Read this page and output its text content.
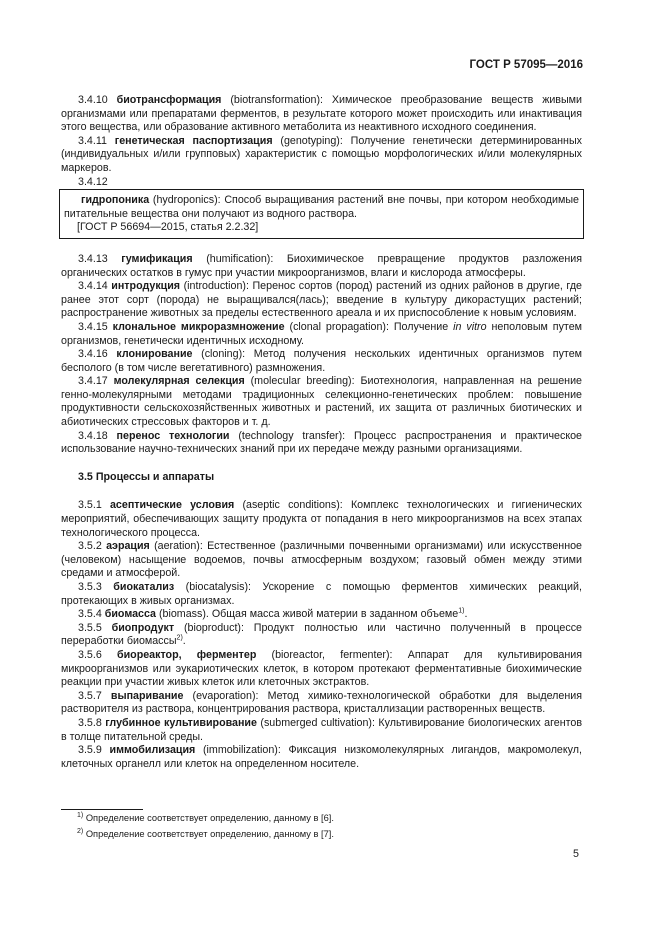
ГОСТ Р 57095—2016
3.4.10 биотрансформация (biotransformation): Химическое преобразование веществ живыми организмами или препаратами ферментов, в результате которого может происходить или инактивация этого вещества, или образование активного метаболита из неактивного исходного соединения.
3.4.11 генетическая паспортизация (genotyping): Получение генетически детерминированных (индивидуальных и/или групповых) характеристик с помощью морфологических и/или молекулярных маркеров.
3.4.12
гидропоника (hydroponics): Способ выращивания растений вне почвы, при котором необходимые питательные вещества они получают из водного раствора.
[ГОСТ Р 56694—2015, статья 2.2.32]
3.4.13 гумификация (humification): Биохимическое превращение продуктов разложения органических остатков в гумус при участии микроорганизмов, влаги и кислорода атмосферы.
3.4.14 интродукция (introduction): Перенос сортов (пород) растений из одних районов в другие, где ранее этот сорт (порода) не выращивался(лась); введение в культуру дикорастущих растений; распространение животных за пределы естественного ареала и их приспособление к новым условиям.
3.4.15 клональное микроразмножение (clonal propagation): Получение in vitro неполовым путем организмов, генетически идентичных исходному.
3.4.16 клонирование (cloning): Метод получения нескольких идентичных организмов путем бесполого (в том числе вегетативного) размножения.
3.4.17 молекулярная селекция (molecular breeding): Биотехнология, направленная на решение генно-молекулярными методами традиционных селекционно-генетических проблем: повышение продуктивности сельскохозяйственных животных и растений, их защита от различных биотических и абиотических стрессовых факторов и т. д.
3.4.18 перенос технологии (technology transfer): Процесс распространения и практическое использование научно-технических знаний при их передаче между разными организациями.
3.5 Процессы и аппараты
3.5.1 асептические условия (aseptic conditions): Комплекс технологических и гигиенических мероприятий, обеспечивающих защиту продукта от попадания в него микроорганизмов на всех этапах технологического процесса.
3.5.2 аэрация (aeration): Естественное (различными почвенными организмами) или искусственное (человеком) насыщение водоемов, почвы атмосферным воздухом; газовый обмен между этими средами и атмосферой.
3.5.3 биокатализ (biocatalysis): Ускорение с помощью ферментов химических реакций, протекающих в живых организмах.
3.5.4 биомасса (biomass). Общая масса живой материи в заданном объеме$^{1)}$.
3.5.5 биопродукт (bioproduct): Продукт полностью или частично полученный в процессе переработки биомассы$^{2)}$.
3.5.6 биореактор, ферментер (bioreactor, fermenter): Аппарат для культивирования микроорганизмов или эукариотических клеток, в котором протекают ферментативные биохимические реакции при участии живых клеток или клеточных экстрактов.
3.5.7 выпаривание (evaporation): Метод химико-технологической обработки для выделения растворителя из раствора, концентрирования раствора, кристаллизации растворенных веществ.
3.5.8 глубинное культивирование (submerged cultivation): Культивирование биологических агентов в толще питательной среды.
3.5.9 иммобилизация (immobilization): Фиксация низкомолекулярных лигандов, макромолекул, клеточных органелл или клеток на определенном носителе.
$^{1)}$ Определение соответствует определению, данному в [6].
$^{2)}$ Определение соответствует определению, данному в [7].
5
